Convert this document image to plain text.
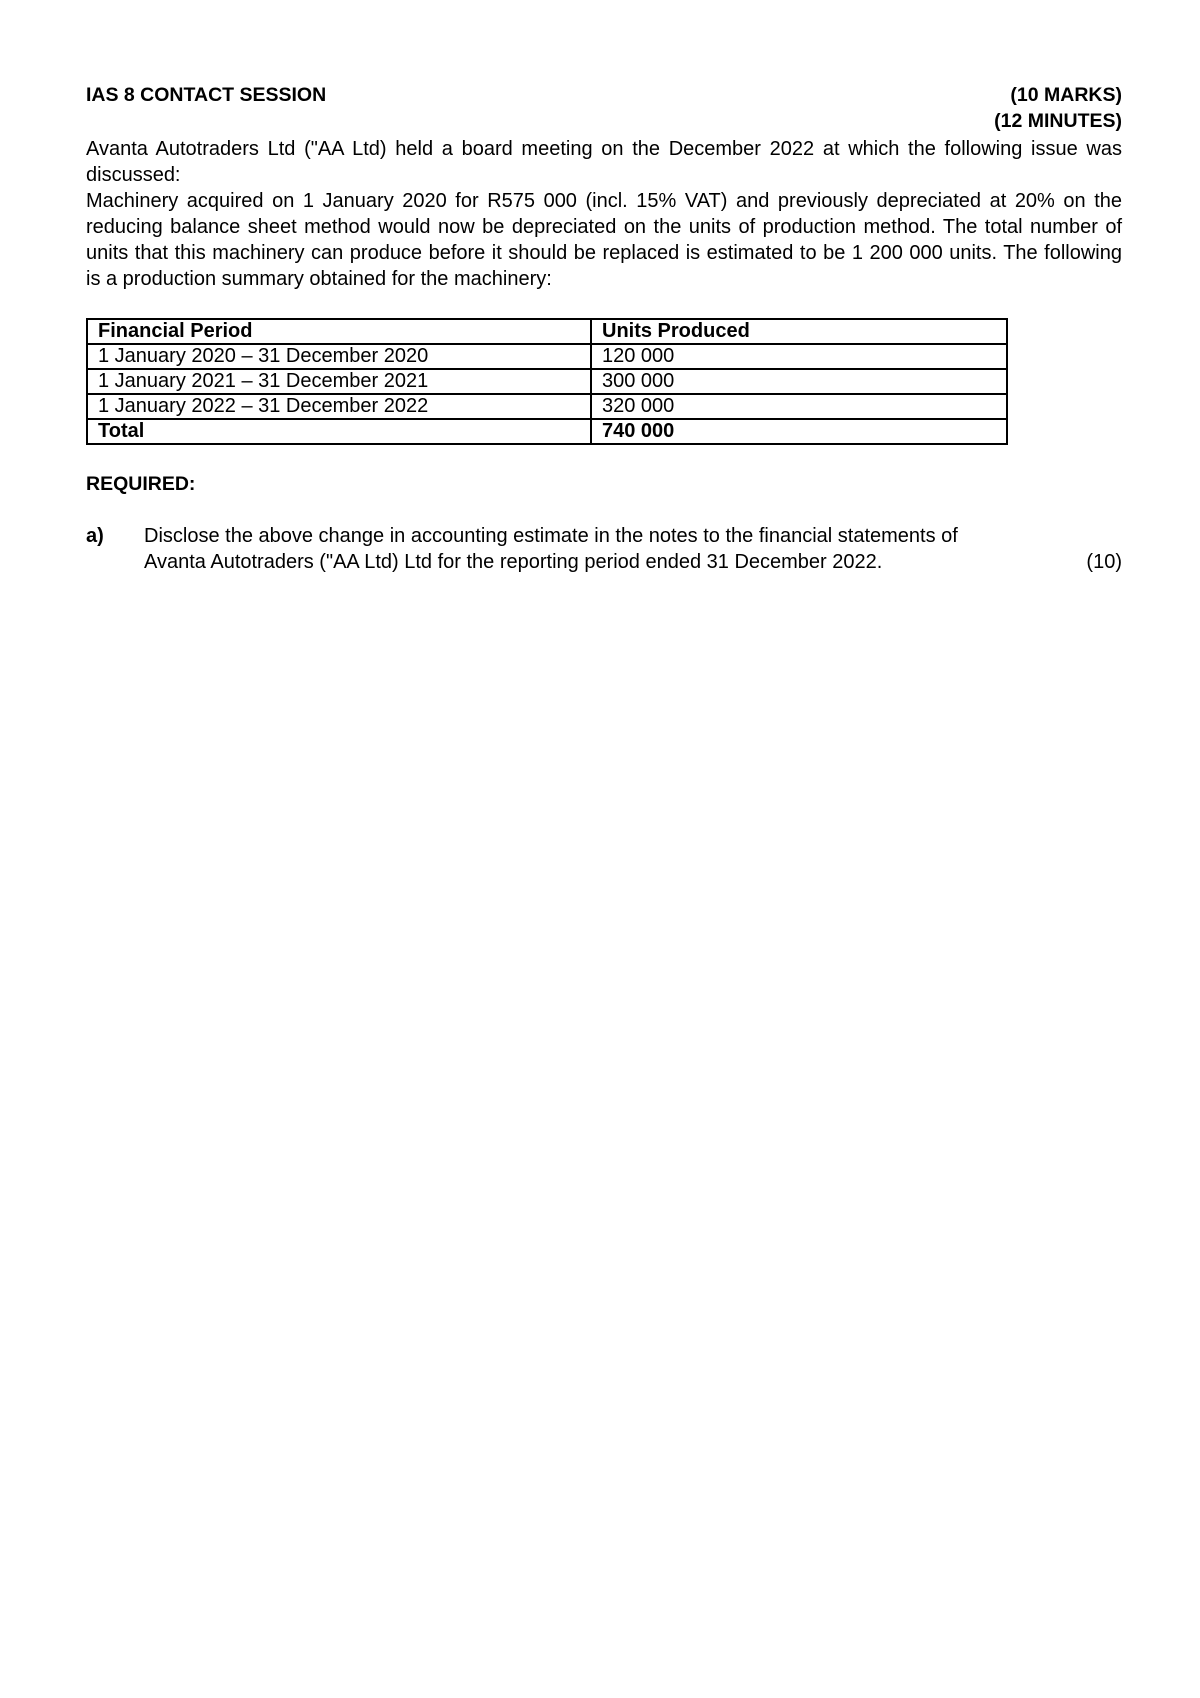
IAS 8 CONTACT SESSION	(10 MARKS)
(12 MINUTES)

Avanta Autotraders Ltd ("AA Ltd) held a board meeting on the December 2022 at which the following issue was discussed:

Machinery acquired on 1 January 2020 for R575 000 (incl. 15% VAT) and previously depreciated at 20% on the reducing balance sheet method would now be depreciated on the units of production method. The total number of units that this machinery can produce before it should be replaced is estimated to be 1 200 000 units. The following is a production summary obtained for the machinery:

Financial Period	Units Produced
1 January 2020 – 31 December 2020	120 000
1 January 2021 – 31 December 2021	300 000
1 January 2022 – 31 December 2022	320 000
Total	740 000
REQUIRED:
a) Disclose the above change in accounting estimate in the notes to the financial statements of

Avanta Autotraders ("AA Ltd) Ltd for the reporting period ended 31 December 2022.	(10)
